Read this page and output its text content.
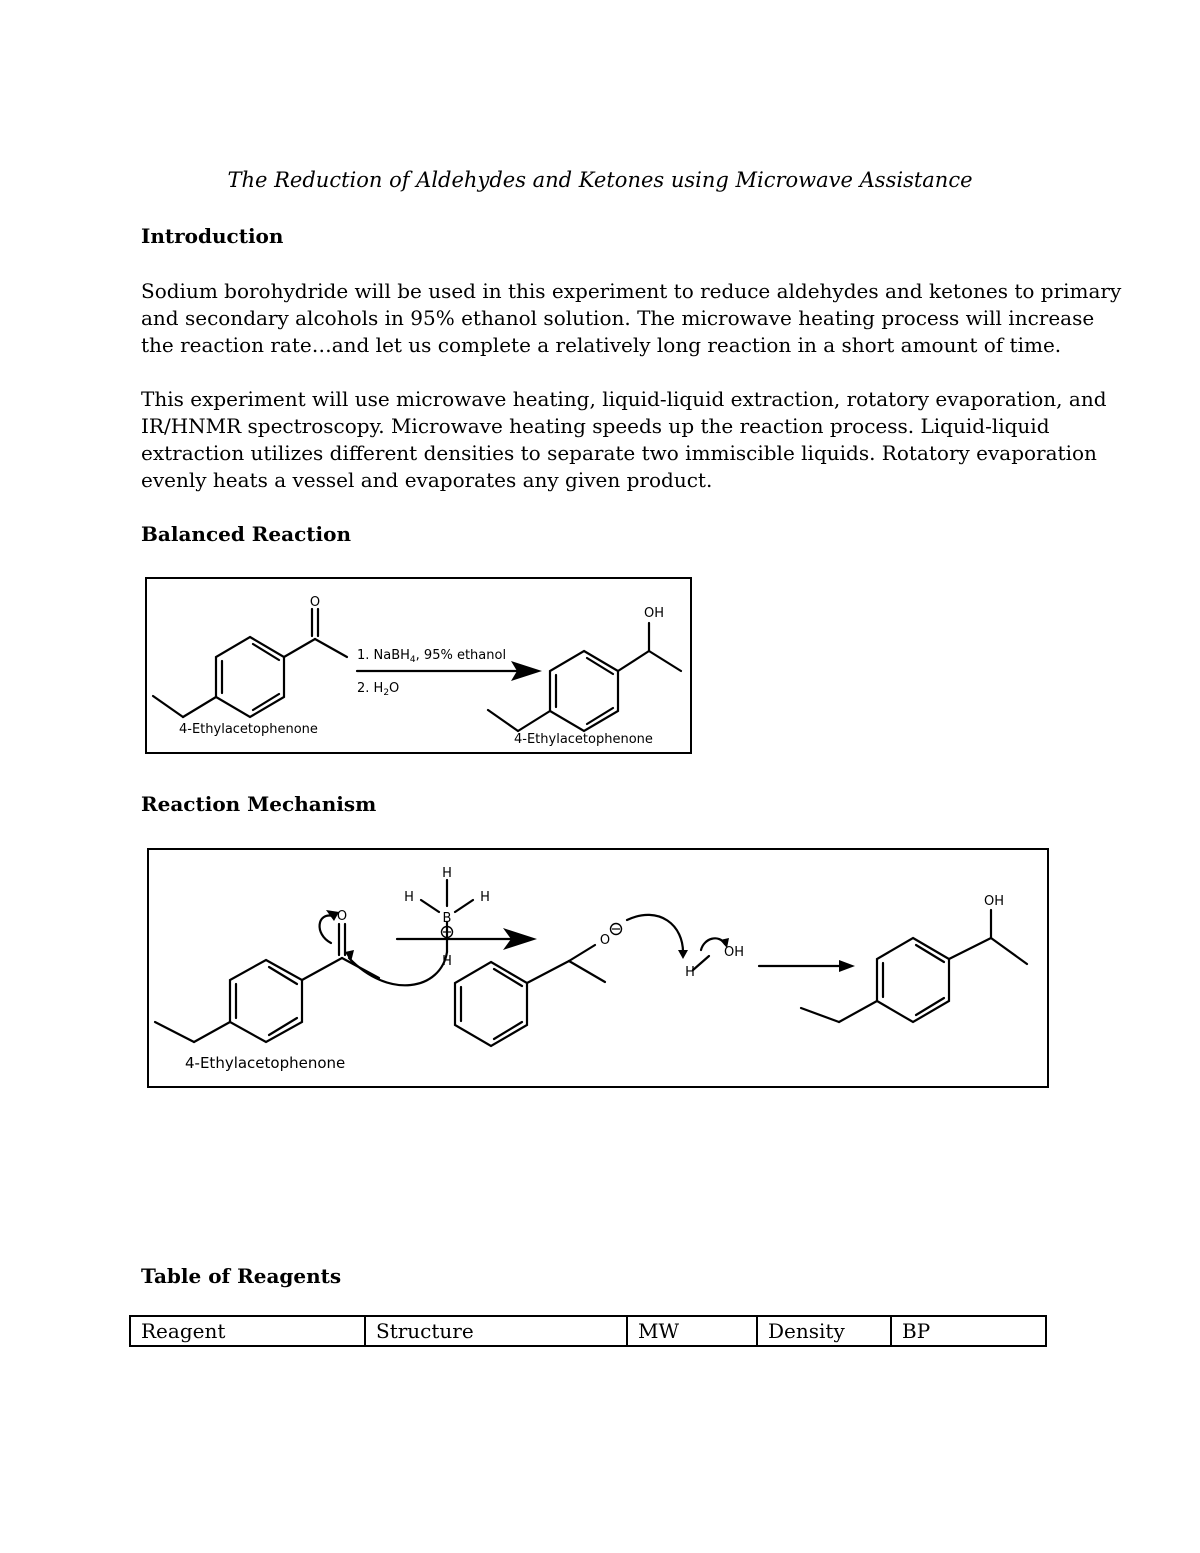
The Reduction of Aldehydes and Ketones using Microwave Assistance
Introduction

Sodium borohydride will be used in this experiment to reduce aldehydes and ketones to primary
and secondary alcohols in 95% ethanol solution. The microwave heating process will increase
the reaction rate…and let us complete a relatively long reaction in a short amount of time.

This experiment will use microwave heating, liquid-liquid extraction, rotatory evaporation, and
IR/HNMR spectroscopy. Microwave heating speeds up the reaction process. Liquid-liquid
extraction utilizes different densities to separate two immiscible liquids. Rotatory evaporation
evenly heats a vessel and evaporates any given product.

Balanced Reaction
O
OH
1. NaBH$_4$, 95% ethanol
2. $H_2O$
4-Ethylacetophenone
4-Ethylacetophenone
Reaction Mechanism
O
H
H	H
B
H
O
H
OH
OH
4-Ethylacetophenone
Table of Reagents
Reagent	Structure	MW	Density	BP
